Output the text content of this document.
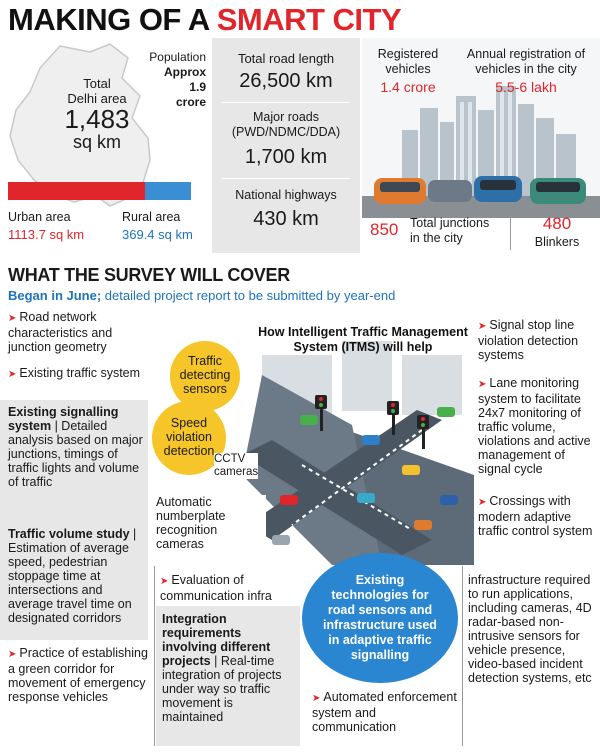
MAKING OF A SMART CITY
Total
Delhi area
1,483
sq km
Population
Approx
1.9
crore
Urban area
1113.7 sq km
Rural area
369.4 sq km
Total road length
26,500 km
Major roads
(PWD/NDMC/DDA)
1,700 km
National highways
430 km
Registered
vehicles
1.4 crore
Annual registration of
vehicles in the city
5.5-6 lakh
850 Total junctions
in the city
480
Blinkers
WHAT THE SURVEY WILL COVER
Began in June; detailed project report to be submitted by year-end
➤ Road network characteristics and junction geometry
➤ Existing traffic system
Existing signalling system | Detailed analysis based on major junctions, timings of traffic lights and volume of traffic
Traffic volume study | Estimation of average speed, pedestrian stoppage time at intersections and average travel time on designated corridors
➤ Practice of establishing a green corridor for movement of emergency response vehicles
How Intelligent Traffic Management
System (ITMS) will help
Traffic
detecting
sensors
Speed
violation
detection
CCTV
cameras
Automatic
numberplate
recognition
cameras
➤ Signal stop line violation detection systems
➤ Lane monitoring system to facilitate 24x7 monitoring of traffic volume, violations and active management of signal cycle
➤ Crossings with modern adaptive traffic control system
➤ Evaluation of communication infra
Integration requirements involving different projects | Real-time integration of projects under way so traffic movement is maintained
Existing technologies for road sensors and infrastructure used in adaptive traffic signalling
➤ Automated enforcement system and communication
infrastructure required to run applications, including cameras, 4D radar-based non-intrusive sensors for vehicle presence, video-based incident detection systems, etc
